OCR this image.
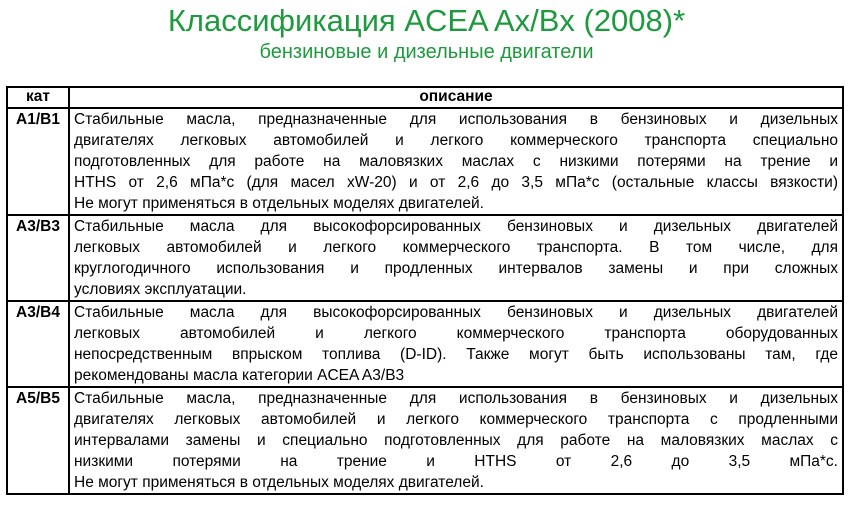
Классификация ACEA Ax/Bx (2008)*
бензиновые и дизельные двигатели
кат	описание
A1/B1	Стабильные масла, предназначенные для использования в бензиновых и дизельных
двигателях легковых автомобилей и легкого коммерческого транспорта специально
подготовленных для работе на маловязких маслах с низкими потерями на трение и
HTHS от 2,6 мПа*с (для масел xW-20) и от 2,6 до 3,5 мПа*с (остальные классы вязкости)
Не могут применяться в отдельных моделях двигателей.

A3/B3	Стабильные масла для высокофорсированных бензиновых и дизельных двигателей
легковых автомобилей и легкого коммерческого транспорта. В том числе, для
круглогодичного использования и продленных интервалов замены и при сложных
условиях эксплуатации.

A3/B4	Стабильные масла для высокофорсированных бензиновых и дизельных двигателей
легковых автомобилей и легкого коммерческого транспорта оборудованных
непосредственным впрыском топлива (D-ID). Также могут быть использованы там, где
рекомендованы масла категории ACEA A3/B3

A5/B5	Стабильные масла, предназначенные для использования в бензиновых и дизельных
двигателях легковых автомобилей и легкого коммерческого транспорта с продленными
интервалами замены и специально подготовленных для работе на маловязких маслах с
низкими потерями на трение и HTHS от 2,6 до 3,5 мПа*с.
Не могут применяться в отдельных моделях двигателей.
